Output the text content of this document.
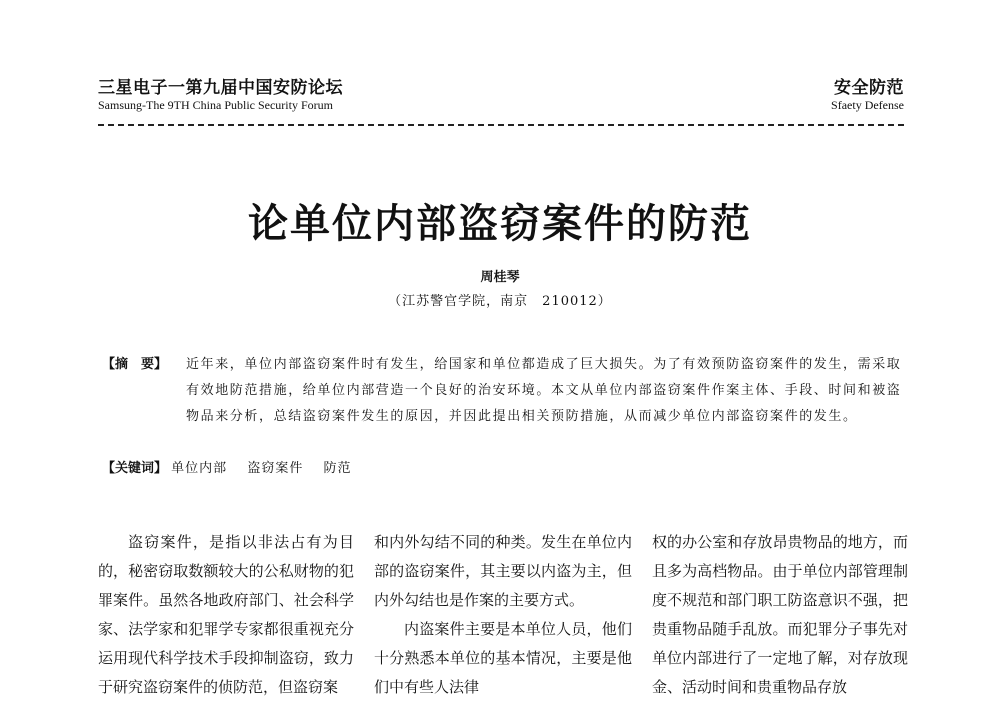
三星电子一第九届中国安防论坛
Samsung-The 9TH China Public Security Forum
安全防范
Sfaety Defense
论单位内部盗窃案件的防范
周桂琴
（江苏警官学院，南京　210012）
【摘　要】 近年来，单位内部盗窃案件时有发生，给国家和单位都造成了巨大损失。为了有效预防盗窃案件的发生，需采取有效地防范措施，给单位内部营造一个良好的治安环境。本文从单位内部盗窃案件作案主体、手段、时间和被盗物品来分析，总结盗窃案件发生的原因，并因此提出相关预防措施，从而减少单位内部盗窃案件的发生。
【关键词】 单位内部 盗窃案件 防范

盗窃案件，是指以非法占有为目的，秘密窃取数额较大的公私财物的犯罪案件。虽然各地政府部门、社会科学家、法学家和犯罪学专家都很重视充分运用现代科学技术手段抑制盗窃，致力于研究盗窃案件的侦防范，但盗窃案

和内外勾结不同的种类。发生在单位内部的盗窃案件，其主要以内盗为主，但内外勾结也是作案的主要方式。

内盗案件主要是本单位人员，他们十分熟悉本单位的基本情况，主要是他们中有些人法律

权的办公室和存放昂贵物品的地方，而且多为高档物品。由于单位内部管理制度不规范和部门职工防盗意识不强，把贵重物品随手乱放。而犯罪分子事先对单位内部进行了一定地了解，对存放现金、活动时间和贵重物品存放
